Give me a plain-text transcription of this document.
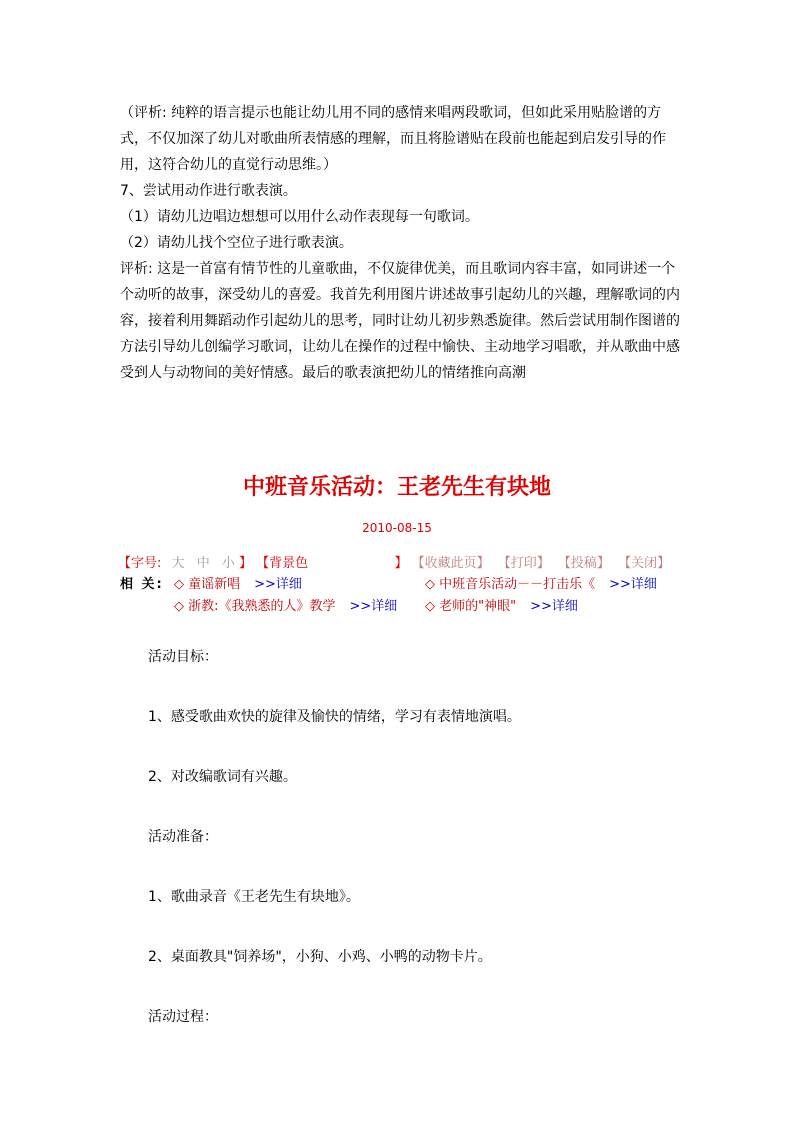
（评析: 纯粹的语言提示也能让幼儿用不同的感情来唱两段歌词，但如此采用贴脸谱的方式，不仅加深了幼儿对歌曲所表情感的理解，而且将脸谱贴在段前也能起到启发引导的作用，这符合幼儿的直觉行动思维。）

7、尝试用动作进行歌表演。

（1）请幼儿边唱边想想可以用什么动作表现每一句歌词。

（2）请幼儿找个空位子进行歌表演。

评析: 这是一首富有情节性的儿童歌曲，不仅旋律优美，而且歌词内容丰富，如同讲述一个个动听的故事，深受幼儿的喜爱。我首先利用图片讲述故事引起幼儿的兴趣，理解歌词的内容，接着利用舞蹈动作引起幼儿的思考，同时让幼儿初步熟悉旋律。然后尝试用制作图谱的方法引导幼儿创编学习歌词，让幼儿在操作的过程中愉快、主动地学习唱歌，并从歌曲中感受到人与动物间的美好情感。最后的歌表演把幼儿的情绪推向高潮

中班音乐活动：王老先生有块地
2010-08-15
【字号: 大 中 小 】 【背景色	】 【收藏此页】 【打印】 【投稿】 【关闭】
相 关: ◇ 童谣新唱 >>详细	◇ 中班音乐活动－－打击乐《 >>详细
◇ 浙教:《我熟悉的人》教学 >>详细 ◇ 老师的"神眼" >>详细

活动目标：

1、感受歌曲欢快的旋律及愉快的情绪，学习有表情地演唱。

2、对改编歌词有兴趣。

活动准备：

1、歌曲录音《王老先生有块地》。

2、桌面教具"饲养场"，小狗、小鸡、小鸭的动物卡片。

活动过程：
